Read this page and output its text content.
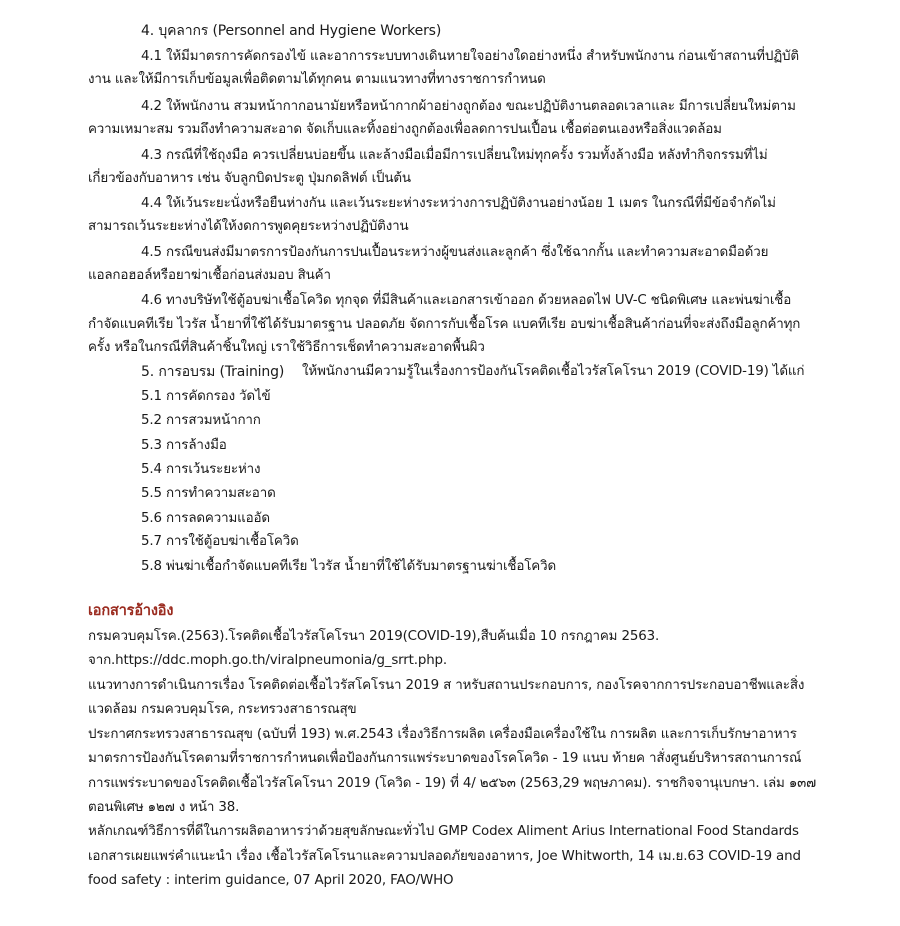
4. บุคลากร (Personnel and Hygiene Workers)
4.1 ให้มีมาตรการคัดกรองไข้ และอาการระบบทางเดินหายใจอย่างใดอย่างหนึ่ง สำหรับพนักงาน ก่อนเข้าสถานที่ปฏิบัติ
งาน และให้มีการเก็บข้อมูลเพื่อติดตามได้ทุกคน ตามแนวทางที่ทางราชการกำหนด
4.2 ให้พนักงาน สวมหน้ากากอนามัยหรือหน้ากากผ้าอย่างถูกต้อง ขณะปฏิบัติงานตลอดเวลาและ มีการเปลี่ยนใหม่ตาม
ความเหมาะสม รวมถึงทำความสะอาด จัดเก็บและทิ้งอย่างถูกต้องเพื่อลดการปนเปื้อน เชื้อต่อตนเองหรือสิ่งแวดล้อม
4.3 กรณีที่ใช้ถุงมือ ควรเปลี่ยนบ่อยขึ้น และล้างมือเมื่อมีการเปลี่ยนใหม่ทุกครั้ง รวมทั้งล้างมือ หลังทำกิจกรรมที่ไม่
เกี่ยวข้องกับอาหาร เช่น จับลูกบิดประตู ปุ่มกดลิฟต์ เป็นต้น
4.4 ให้เว้นระยะนั่งหรือยืนห่างกัน และเว้นระยะห่างระหว่างการปฏิบัติงานอย่างน้อย 1 เมตร ในกรณีที่มีข้อจำกัดไม่
สามารถเว้นระยะห่างได้ให้งดการพูดคุยระหว่างปฏิบัติงาน
4.5 กรณีขนส่งมีมาตรการป้องกันการปนเปื้อนระหว่างผู้ขนส่งและลูกค้า ซึ่งใช้ฉากกั้น และทำความสะอาดมือด้วย
แอลกอฮอล์หรือยาฆ่าเชื้อก่อนส่งมอบ สินค้า
4.6 ทางบริษัทใช้ตู้อบฆ่าเชื้อโควิด ทุกจุด ที่มีสินค้าและเอกสารเข้าออก ด้วยหลอดไฟ UV-C ชนิดพิเศษ และพ่นฆ่าเชื้อ
กำจัดแบคทีเรีย ไวรัส น้ำยาที่ใช้ได้รับมาตรฐาน ปลอดภัย จัดการกับเชื้อโรค แบคทีเรีย อบฆ่าเชื้อสินค้าก่อนที่จะส่งถึงมือลูกค้าทุก
ครั้ง หรือในกรณีที่สินค้าชิ้นใหญ่ เราใช้วิธีการเช็ดทำความสะอาดพื้นผิว
5. การอบรม (Training) ให้พนักงานมีความรู้ในเรื่องการป้องกันโรคติดเชื้อไวรัสโคโรนา 2019 (COVID-19) ได้แก่
5.1 การคัดกรอง วัดไข้
5.2 การสวมหน้ากาก
5.3 การล้างมือ
5.4 การเว้นระยะห่าง
5.5 การทำความสะอาด
5.6 การลดความแออัด
5.7 การใช้ตู้อบฆ่าเชื้อโควิด
5.8 พ่นฆ่าเชื้อกำจัดแบคทีเรีย ไวรัส น้ำยาที่ใช้ได้รับมาตรฐานฆ่าเชื้อโควิด
เอกสารอ้างอิง
กรมควบคุมโรค.(2563).โรคติดเชื้อไวรัสโคโรนา 2019(COVID-19),สืบค้นเมื่อ 10 กรกฎาคม 2563.
จาก.https://ddc.moph.go.th/viralpneumonia/g_srrt.php.
แนวทางการดำเนินการเรื่อง โรคติดต่อเชื้อไวรัสโคโรนา 2019 ส าหรับสถานประกอบการ, กองโรคจากการประกอบอาชีพและสิ่ง
แวดล้อม กรมควบคุมโรค, กระทรวงสาธารณสุข
ประกาศกระทรวงสาธารณสุข (ฉบับที่ 193) พ.ศ.2543 เรื่องวิธีการผลิต เครื่องมือเครื่องใช้ใน การผลิต และการเก็บรักษาอาหาร
มาตรการป้องกันโรคตามที่ราชการกำหนดเพื่อป้องกันการแพร่ระบาดของโรคโควิด - 19 แนบ ท้ายค าสั่งศูนย์บริหารสถานการณ์
การแพร่ระบาดของโรคติดเชื้อไวรัสโคโรนา 2019 (โควิด - 19) ที่ 4/ ๒๕๖๓ (2563,29 พฤษภาคม). ราชกิจจานุเบกษา. เล่ม ๑๓๗
ตอนพิเศษ ๑๒๗ ง หน้า 38.
หลักเกณฑ์วิธีการที่ดีในการผลิตอาหารว่าด้วยสุขลักษณะทั่วไป GMP Codex Aliment Arius International Food Standards
เอกสารเผยแพร่คำแนะนำ เรื่อง เชื้อไวรัสโคโรนาและความปลอดภัยของอาหาร, Joe Whitworth, 14 เม.ย.63 COVID-19 and
food safety : interim guidance, 07 April 2020, FAO/WHO
